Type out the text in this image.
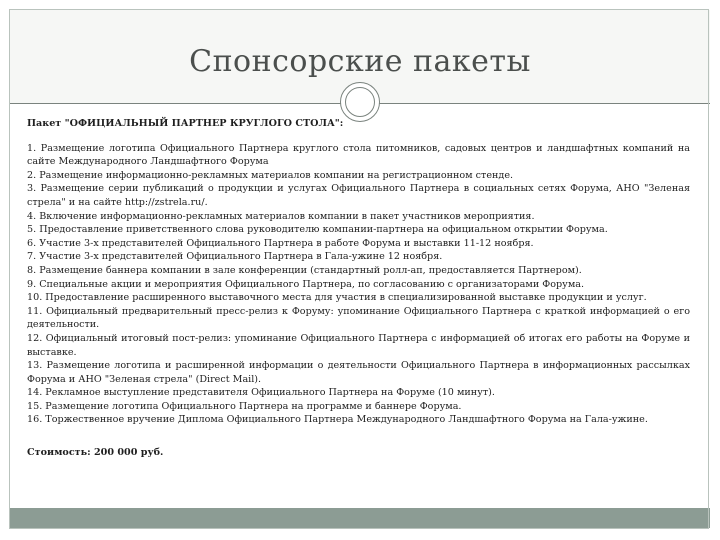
Спонсорские пакеты
Пакет "ОФИЦИАЛЬНЫЙ ПАРТНЕР КРУГЛОГО СТОЛА":

1. Размещение логотипа Официального Партнера круглого стола питомников, садовых центров и ландшафтных компаний на сайте Международного Ландшафтного Форума

2. Размещение информационно-рекламных материалов компании на регистрационном стенде.

3. Размещение серии публикаций о продукции и услугах Официального Партнера в социальных сетях Форума, АНО "Зеленая стрела" и на сайте http://zstrela.ru/.

4. Включение информационно-рекламных материалов компании в пакет участников мероприятия.

5. Предоставление приветственного слова руководителю компании-партнера на официальном открытии Форума.

6. Участие 3-х представителей Официального Партнера в работе Форума и выставки 11-12 ноября.

7. Участие 3-х представителей Официального Партнера в Гала-ужине 12 ноября.

8. Размещение баннера компании в зале конференции (стандартный ролл-ап, предоставляется Партнером).

9. Специальные акции и мероприятия Официального Партнера, по согласованию с организаторами Форума.

10. Предоставление расширенного выставочного места для участия в специализированной выставке продукции и услуг.

11. Официальный предварительный пресс-релиз к Форуму: упоминание Официального Партнера с краткой информацией о его деятельности.

12. Официальный итоговый пост-релиз: упоминание Официального Партнера с информацией об итогах его работы на Форуме и выставке.

13. Размещение логотипа и расширенной информации о деятельности Официального Партнера в информационных рассылках Форума и АНО "Зеленая стрела" (Direct Mail).

14. Рекламное выступление представителя Официального Партнера на Форуме (10 минут).

15. Размещение логотипа Официального Партнера на программе и баннере Форума.

16. Торжественное вручение Диплома Официального Партнера Международного Ландшафтного Форума на Гала-ужине.

Стоимость: 200 000 руб.
